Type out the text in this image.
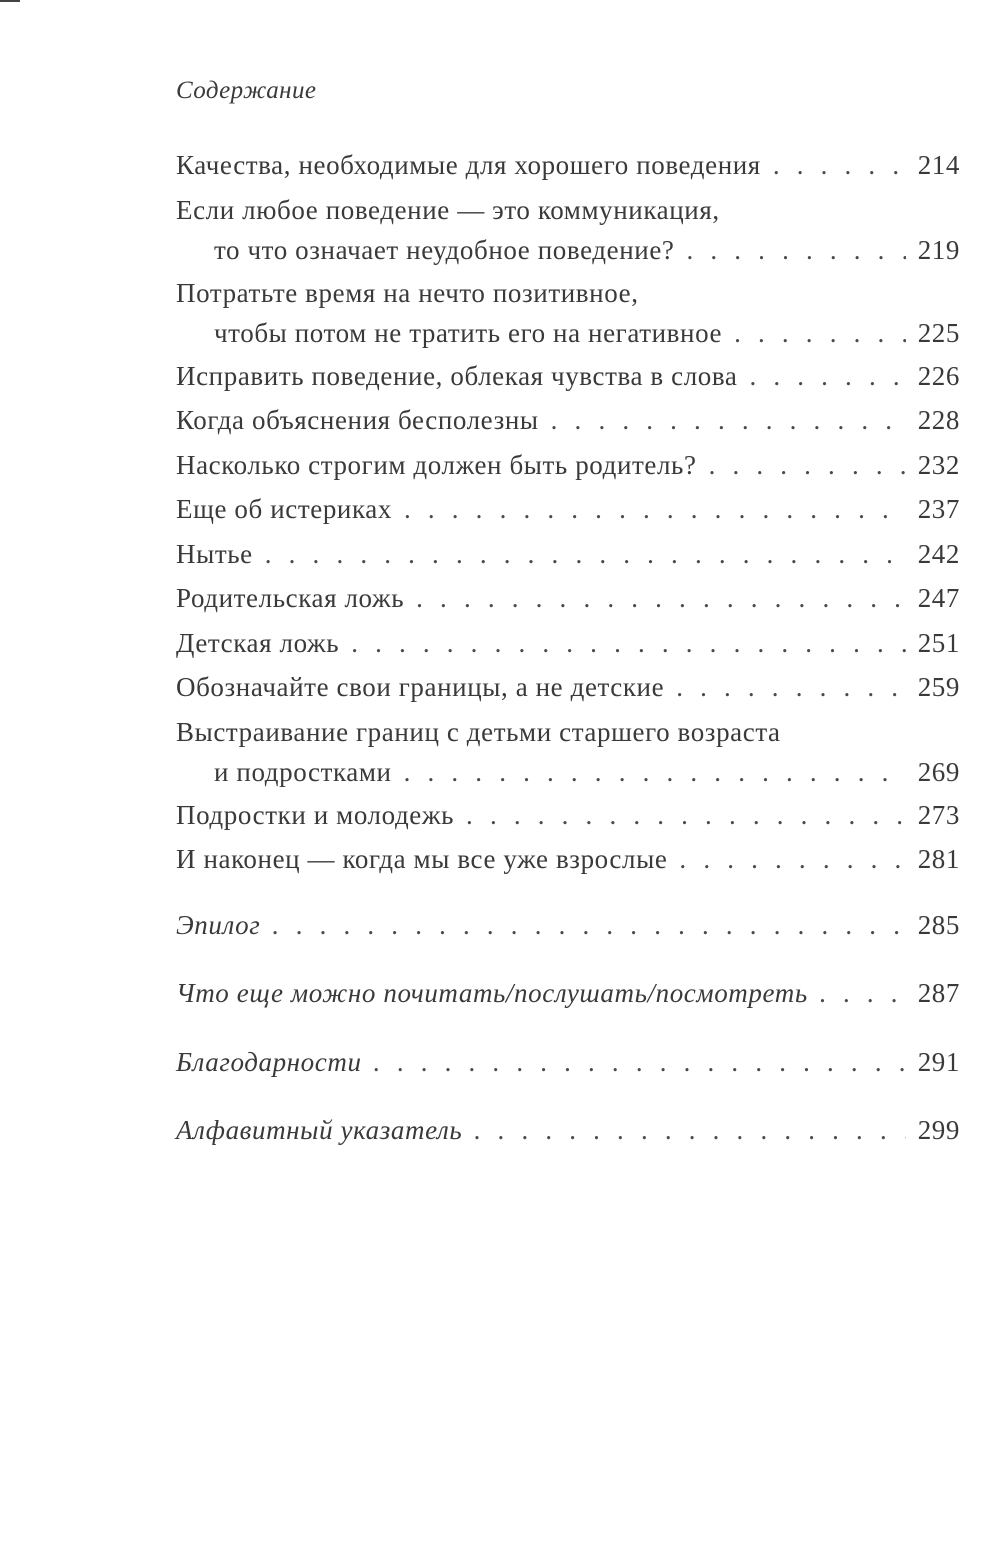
Содержание
Качества, необходимые для хорошего поведения . . .	214
Если любое поведение — это коммуникация,
то что означает неудобное поведение? . . .	219
Потратьте время на нечто позитивное,
чтобы потом не тратить его на негативное . . .	225
Исправить поведение, облекая чувства в слова . . .	226
Когда объяснения бесполезны . . .	228
Насколько строгим должен быть родитель? . . .	232
Еще об истериках . . .	237
Нытье . . .	242
Родительская ложь . . .	247
Детская ложь . . .	251
Обозначайте свои границы, а не детские . . .	259
Выстраивание границ с детьми старшего возраста
и подростками . . .	269
Подростки и молодежь . . .	273
И наконец — когда мы все уже взрослые . . .	281
Эпилог . . .	285
Что еще можно почитать/послушать/посмотреть . . .	287
Благодарности . . .	291
Алфавитный указатель . . .	299
